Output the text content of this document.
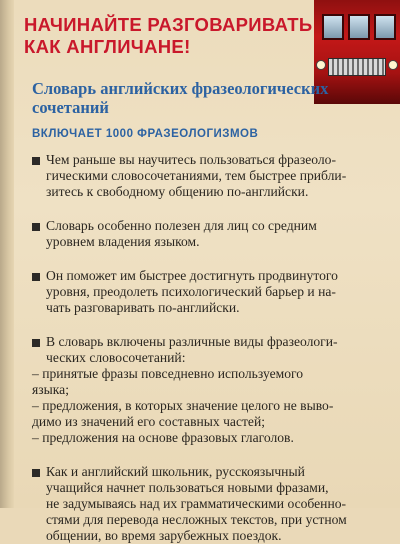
НАЧИНАЙТЕ РАЗГОВАРИВАТЬ
КАК АНГЛИЧАНЕ!
Словарь английских фразеологических
сочетаний
ВКЛЮЧАЕТ 1000 ФРАЗЕОЛОГИЗМОВ
Чем раньше вы научитесь пользоваться фразеоло-
гическими словосочетаниями, тем быстрее прибли-
зитесь к свободному общению по-английски.
Словарь особенно полезен для лиц со средним
уровнем владения языком.
Он поможет им быстрее достигнуть продвинутого
уровня, преодолеть психологический барьер и на-
чать разговаривать по-английски.
В словарь включены различные виды фразеологи-
ческих словосочетаний:
– принятые фразы повседневно используемого
языка;
– предложения, в которых значение целого не выво-
димо из значений его составных частей;
– предложения на основе фразовых глаголов.
Как и английский школьник, русскоязычный
учащийся начнет пользоваться новыми фразами,
не задумываясь над их грамматическими особенно-
стями для перевода несложных текстов, при устном
общении, во время зарубежных поездок.
